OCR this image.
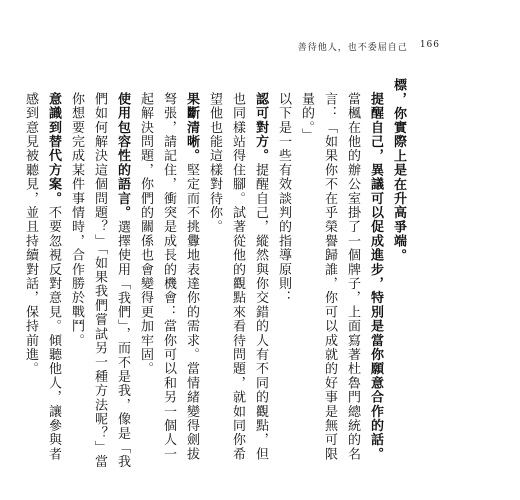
善待他人，也不委屈自己 166
標，你實際上是在升高爭端。
提醒自己，異議可以促成進步，特別是當你願意合作的話。當楓在他的辦公室掛了一個牌子，上面寫著杜魯門總統的名言：「如果你不在乎榮譽歸誰，你可以成就的好事是無可限量的。」
以下是一些有效談判的指導原則：
認可對方。提醒自己，縱然與你交錯的人有不同的觀點，但也同樣站得住腳。試著從他的觀點來看待問題，就如同你希望他也能這樣對待你。
果斷清晰。堅定而不挑釁地表達你的需求。當情緒變得劍拔弩張，請記住，衝突是成長的機會：當你可以和另一個人一起解決問題，你們的關係也會變得更加牢固。
使用包容性的語言。選擇使用「我們」，而不是我，像是「我們如何解決這個問題？」「如果我們嘗試另一種方法呢？」當你想要完成某件事情時，合作勝於戰鬥。
意識到替代方案。不要忽視反對意見。傾聽他人，讓參與者感到意見被聽見，並且持續對話，保持前進。
